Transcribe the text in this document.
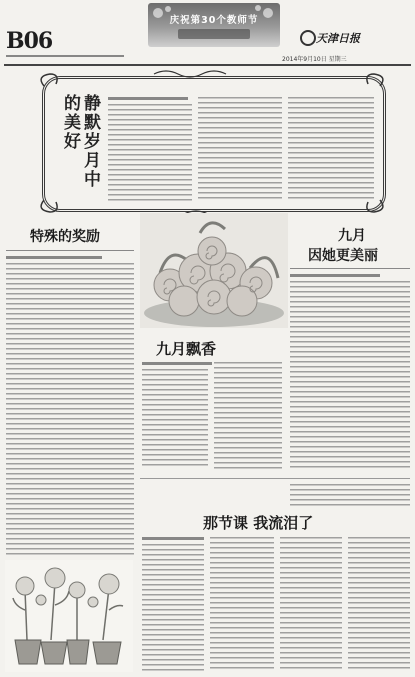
B06
庆祝第30个教师节
天津日报
2014年9月10日 星期三
静默岁月中的美好
特殊的奖励
九月飘香
九月
因她更美丽
那节课 我流泪了
